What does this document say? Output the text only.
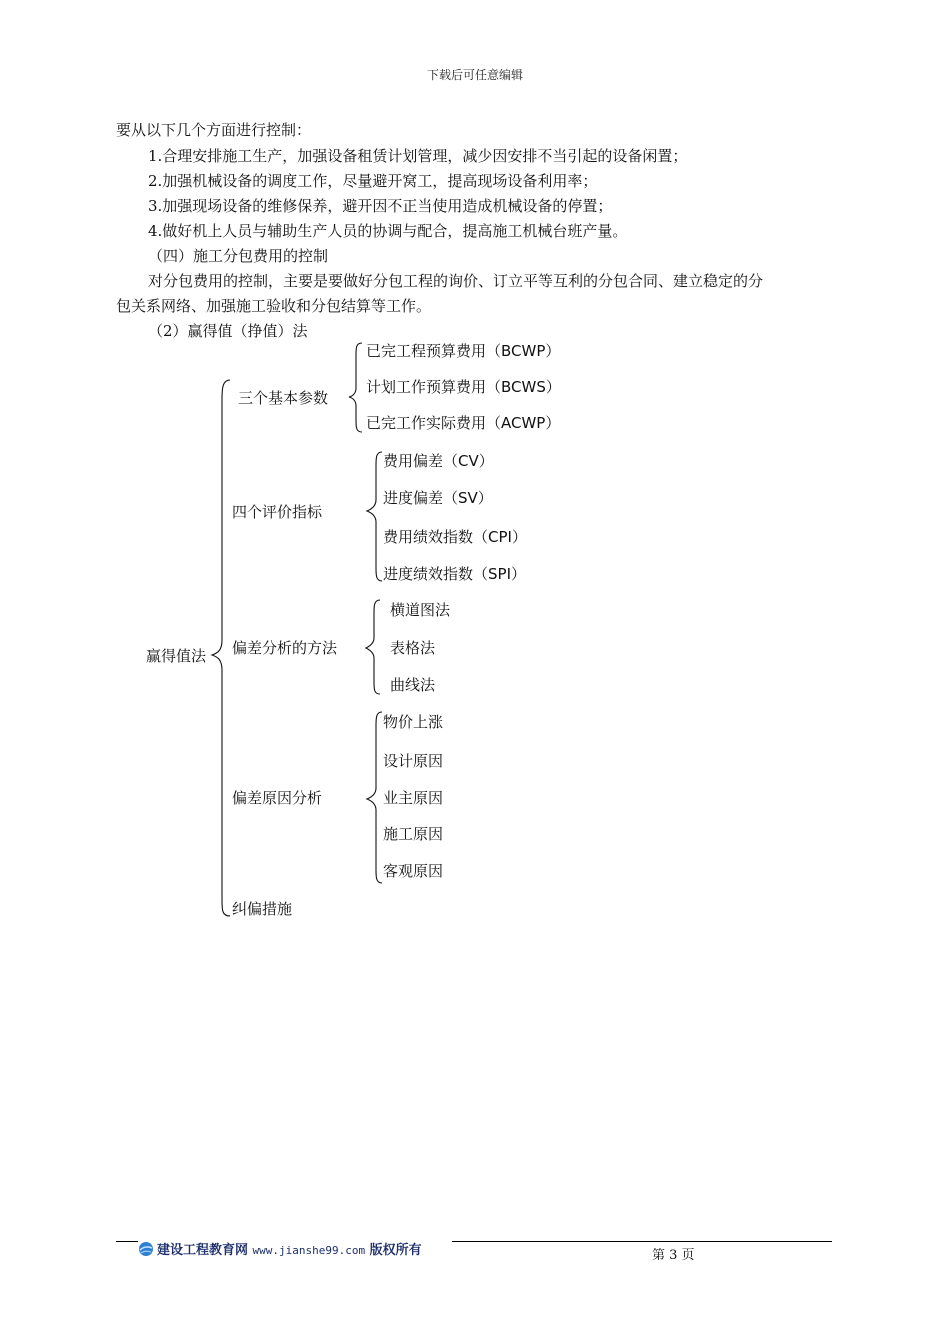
下载后可任意编辑
要从以下几个方面进行控制：
1.合理安排施工生产，加强设备租赁计划管理，减少因安排不当引起的设备闲置；
2.加强机械设备的调度工作，尽量避开窝工，提高现场设备利用率；
3.加强现场设备的维修保养，避开因不正当使用造成机械设备的停置；
4.做好机上人员与辅助生产人员的协调与配合，提高施工机械台班产量。
（四）施工分包费用的控制
对分包费用的控制，主要是要做好分包工程的询价、订立平等互利的分包合同、建立稳定的分
包关系网络、加强施工验收和分包结算等工作。
（2）赢得值（挣值）法
赢得值法
三个基本参数
已完工程预算费用（BCWP）
计划工作预算费用（BCWS）
已完工作实际费用（ACWP）
四个评价指标
费用偏差（CV）
进度偏差（SV）
费用绩效指数（CPI）
进度绩效指数（SPI）
偏差分析的方法
横道图法
表格法
曲线法
偏差原因分析
物价上涨
设计原因
业主原因
施工原因
客观原因
纠偏措施
建设工程教育网 www.jianshe99.com 版权所有	第 3 页
